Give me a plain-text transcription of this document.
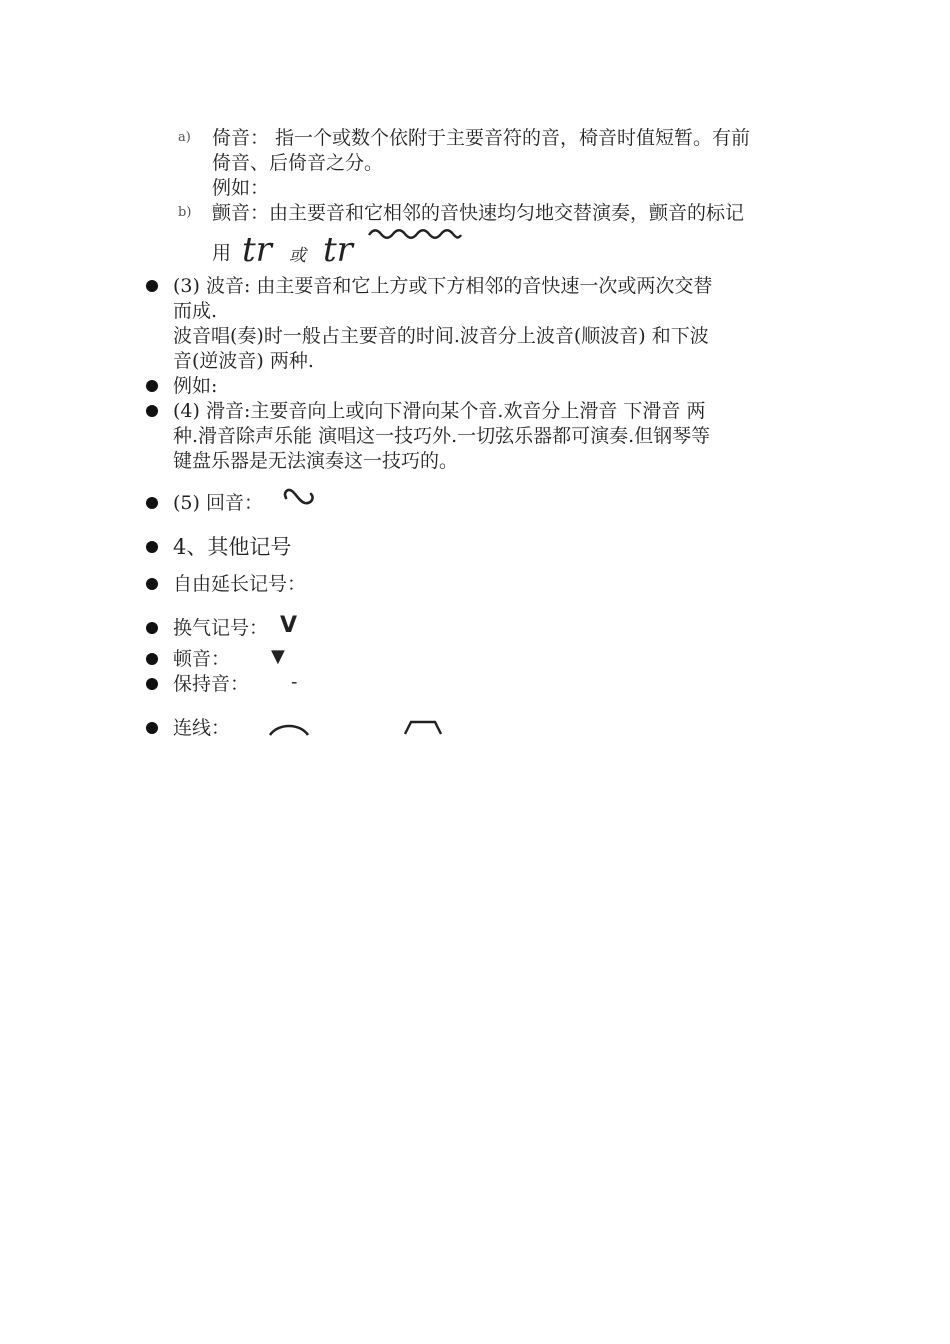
a) 倚音： 指一个或数个依附于主要音符的音，椅音时值短暂。有前
倚音、后倚音之分。
例如：
b) 颤音：由主要音和它相邻的音快速均匀地交替演奏，颤音的标记
用 tr 或 tr
(3) 波音: 由主要音和它上方或下方相邻的音快速一次或两次交替
而成.
波音唱(奏)时一般占主要音的时间.波音分上波音(顺波音) 和下波
音(逆波音) 两种.
例如:
(4) 滑音:主要音向上或向下滑向某个音.欢音分上滑音 下滑音 两
种.滑音除声乐能 演唱这一技巧外.一切弦乐器都可演奏.但钢琴等
键盘乐器是无法演奏这一技巧的。
(5) 回音：
4、其他记号
自由延长记号：
换气记号： V
顿音： ▼
保持音： -
连线：
